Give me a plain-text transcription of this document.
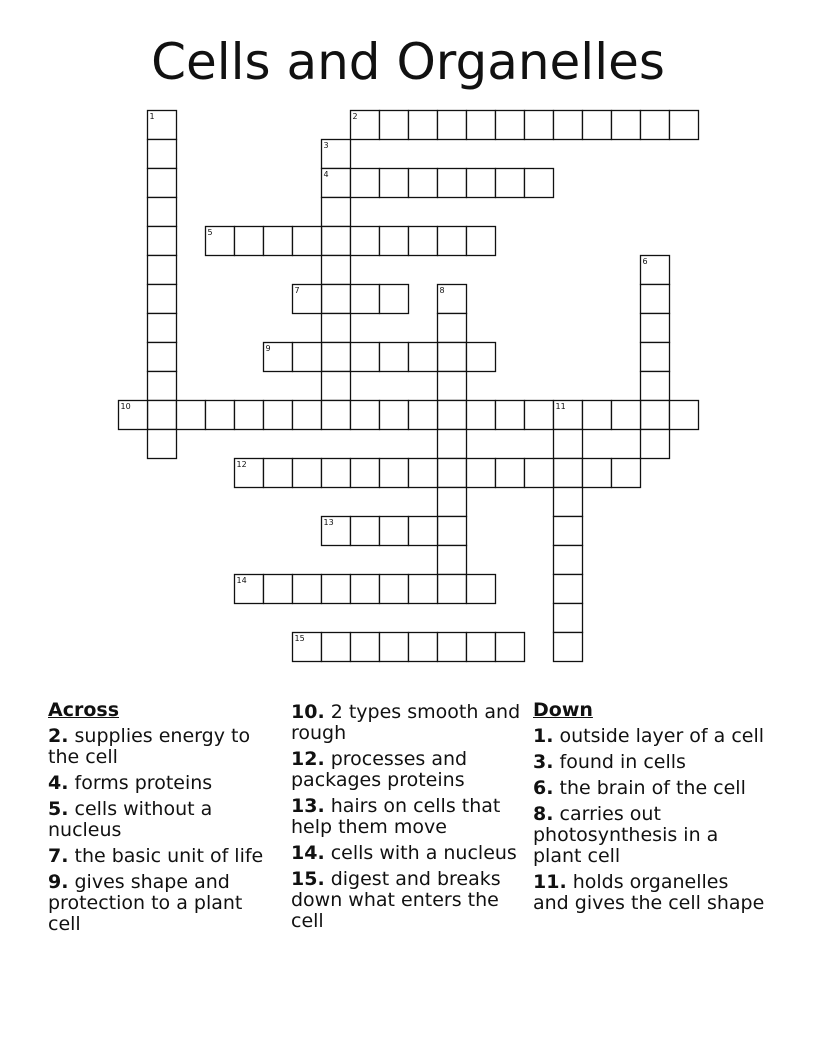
Cells and Organelles
1	2
3
4
5
6
7	8
9
10	11
12
13
14
15
Across
2. supplies energy to the cell
4. forms proteins
5. cells without a nucleus
7. the basic unit of life
9. gives shape and protection to a plant cell
10. 2 types smooth and rough
12. processes and packages proteins
13. hairs on cells that help them move
14. cells with a nucleus
15. digest and breaks down what enters the cell
Down
1. outside layer of a cell
3. found in cells
6. the brain of the cell
8. carries out photosynthesis in a plant cell
11. holds organelles and gives the cell shape
